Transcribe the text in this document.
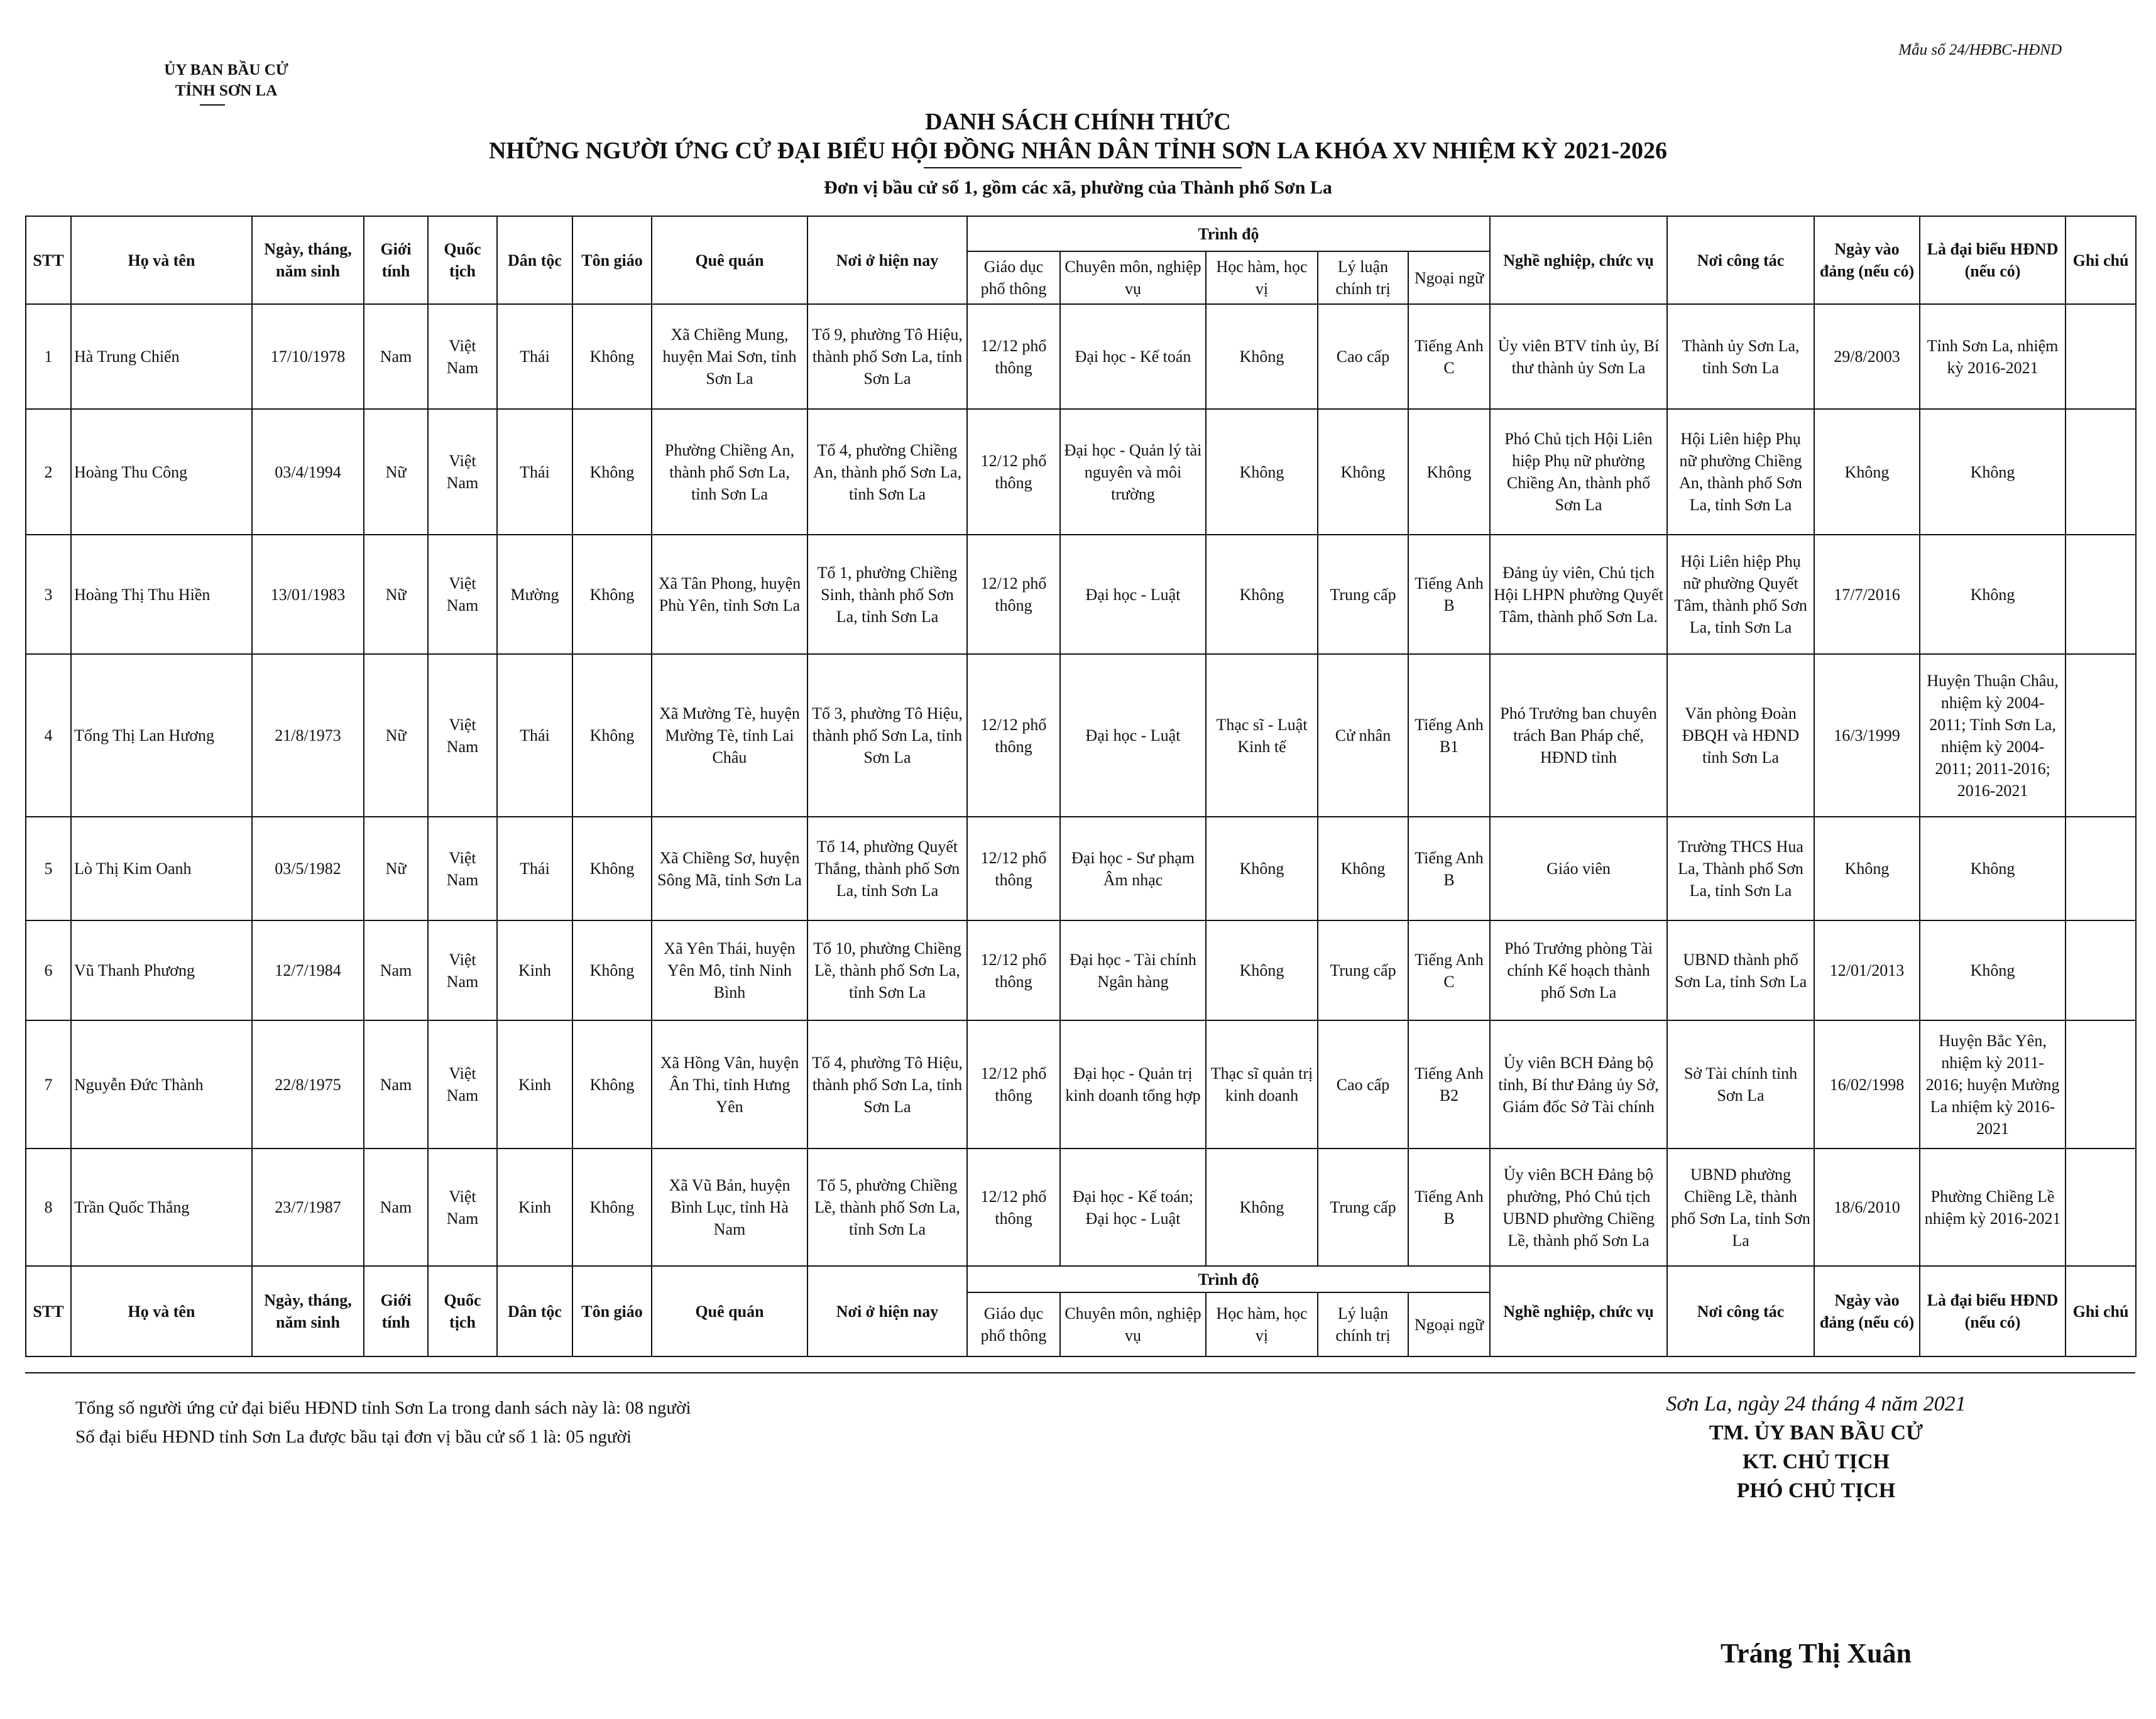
ỦY BAN BẦU CỬ
TỈNH SƠN LA
Mẫu số 24/HĐBC-HĐND
DANH SÁCH CHÍNH THỨC
NHỮNG NGƯỜI ỨNG CỬ ĐẠI BIỂU HỘI ĐỒNG NHÂN DÂN TỈNH SƠN LA KHÓA XV NHIỆM KỲ 2021-2026
Đơn vị bầu cử số 1, gồm các xã, phường của Thành phố Sơn La
STT	Họ và tên	Ngày, tháng, năm sinh	Giới tính	Quốc tịch	Dân tộc	Tôn giáo	Quê quán	Nơi ở hiện nay	Trình độ					Nghề nghiệp, chức vụ	Nơi công tác	Ngày vào đảng (nếu có)	Là đại biểu HĐND (nếu có)	Ghi chú
									Giáo dục phổ thông	Chuyên môn, nghiệp vụ	Học hàm, học vị	Lý luận chính trị	Ngoại ngữ					
1	Hà Trung Chiến	17/10/1978	Nam	Việt Nam	Thái	Không	Xã Chiềng Mung, huyện Mai Sơn, tỉnh Sơn La	Tổ 9, phường Tô Hiệu, thành phố Sơn La, tỉnh Sơn La	12/12 phổ thông	Đại học - Kế toán	Không	Cao cấp	Tiếng Anh C	Ủy viên BTV tỉnh ủy, Bí thư thành ủy Sơn La	Thành ủy Sơn La, tỉnh Sơn La	29/8/2003	Tỉnh Sơn La, nhiệm kỳ 2016-2021	
2	Hoàng Thu Công	03/4/1994	Nữ	Việt Nam	Thái	Không	Phường Chiềng An, thành phố Sơn La, tỉnh Sơn La	Tổ 4, phường Chiềng An, thành phố Sơn La, tỉnh Sơn La	12/12 phổ thông	Đại học - Quản lý tài nguyên và môi trường	Không	Không	Không	Phó Chủ tịch Hội Liên hiệp Phụ nữ phường Chiềng An, thành phố Sơn La	Hội Liên hiệp Phụ nữ phường Chiềng An, thành phố Sơn La, tỉnh Sơn La	Không	Không	
3	Hoàng Thị Thu Hiền	13/01/1983	Nữ	Việt Nam	Mường	Không	Xã Tân Phong, huyện Phù Yên, tỉnh Sơn La	Tổ 1, phường Chiềng Sinh, thành phố Sơn La, tỉnh Sơn La	12/12 phổ thông	Đại học - Luật	Không	Trung cấp	Tiếng Anh B	Đảng ủy viên, Chủ tịch Hội LHPN phường Quyết Tâm, thành phố Sơn La.	Hội Liên hiệp Phụ nữ phường Quyết Tâm, thành phố Sơn La, tỉnh Sơn La	17/7/2016	Không	
4	Tống Thị Lan Hương	21/8/1973	Nữ	Việt Nam	Thái	Không	Xã Mường Tè, huyện Mường Tè, tỉnh Lai Châu	Tổ 3, phường Tô Hiệu, thành phố Sơn La, tỉnh Sơn La	12/12 phổ thông	Đại học - Luật	Thạc sĩ - Luật Kinh tế	Cử nhân	Tiếng Anh B1	Phó Trưởng ban chuyên trách Ban Pháp chế, HĐND tỉnh	Văn phòng Đoàn ĐBQH và HĐND tỉnh Sơn La	16/3/1999	Huyện Thuận Châu, nhiệm kỳ 2004-2011; Tỉnh Sơn La, nhiệm kỳ 2004-2011; 2011-2016; 2016-2021	
5	Lò Thị Kim Oanh	03/5/1982	Nữ	Việt Nam	Thái	Không	Xã Chiềng Sơ, huyện Sông Mã, tỉnh Sơn La	Tổ 14, phường Quyết Thắng, thành phố Sơn La, tỉnh Sơn La	12/12 phổ thông	Đại học - Sư phạm Âm nhạc	Không	Không	Tiếng Anh B	Giáo viên	Trường THCS Hua La, Thành phố Sơn La, tỉnh Sơn La	Không	Không	
6	Vũ Thanh Phương	12/7/1984	Nam	Việt Nam	Kinh	Không	Xã Yên Thái, huyện Yên Mô, tỉnh Ninh Bình	Tổ 10, phường Chiềng Lề, thành phố Sơn La, tỉnh Sơn La	12/12 phổ thông	Đại học - Tài chính Ngân hàng	Không	Trung cấp	Tiếng Anh C	Phó Trưởng phòng Tài chính Kế hoạch thành phố Sơn La	UBND thành phố Sơn La, tỉnh Sơn La	12/01/2013	Không	
7	Nguyễn Đức Thành	22/8/1975	Nam	Việt Nam	Kinh	Không	Xã Hồng Vân, huyện Ân Thi, tỉnh Hưng Yên	Tổ 4, phường Tô Hiệu, thành phố Sơn La, tỉnh Sơn La	12/12 phổ thông	Đại học - Quản trị kinh doanh tổng hợp	Thạc sĩ quản trị kinh doanh	Cao cấp	Tiếng Anh B2	Ủy viên BCH Đảng bộ tỉnh, Bí thư Đảng ủy Sở, Giám đốc Sở Tài chính	Sở Tài chính tỉnh Sơn La	16/02/1998	Huyện Bắc Yên, nhiệm kỳ 2011-2016; huyện Mường La nhiệm kỳ 2016-2021	
8	Trần Quốc Thắng	23/7/1987	Nam	Việt Nam	Kinh	Không	Xã Vũ Bản, huyện Bình Lục, tỉnh Hà Nam	Tổ 5, phường Chiềng Lề, thành phố Sơn La, tỉnh Sơn La	12/12 phổ thông	Đại học - Kế toán; Đại học - Luật	Không	Trung cấp	Tiếng Anh B	Ủy viên BCH Đảng bộ phường, Phó Chủ tịch UBND phường Chiềng Lề, thành phố Sơn La	UBND phường Chiềng Lề, thành phố Sơn La, tỉnh Sơn La	18/6/2010	Phường Chiềng Lề nhiệm kỳ 2016-2021	
STT	Họ và tên	Ngày, tháng, năm sinh	Giới tính	Quốc tịch	Dân tộc	Tôn giáo	Quê quán	Nơi ở hiện nay	Trình độ					Nghề nghiệp, chức vụ	Nơi công tác	Ngày vào đảng (nếu có)	Là đại biểu HĐND (nếu có)	Ghi chú
									Giáo dục phổ thông	Chuyên môn, nghiệp vụ	Học hàm, học vị	Lý luận chính trị	Ngoại ngữ					
Tổng số người ứng cử đại biểu HĐND tỉnh Sơn La trong danh sách này là: 08 người
Số đại biểu HĐND tỉnh Sơn La được bầu tại đơn vị bầu cử số 1 là: 05 người
Sơn La, ngày 24 tháng 4 năm 2021
TM. ỦY BAN BẦU CỬ
KT. CHỦ TỊCH
PHÓ CHỦ TỊCH
Tráng Thị Xuân
